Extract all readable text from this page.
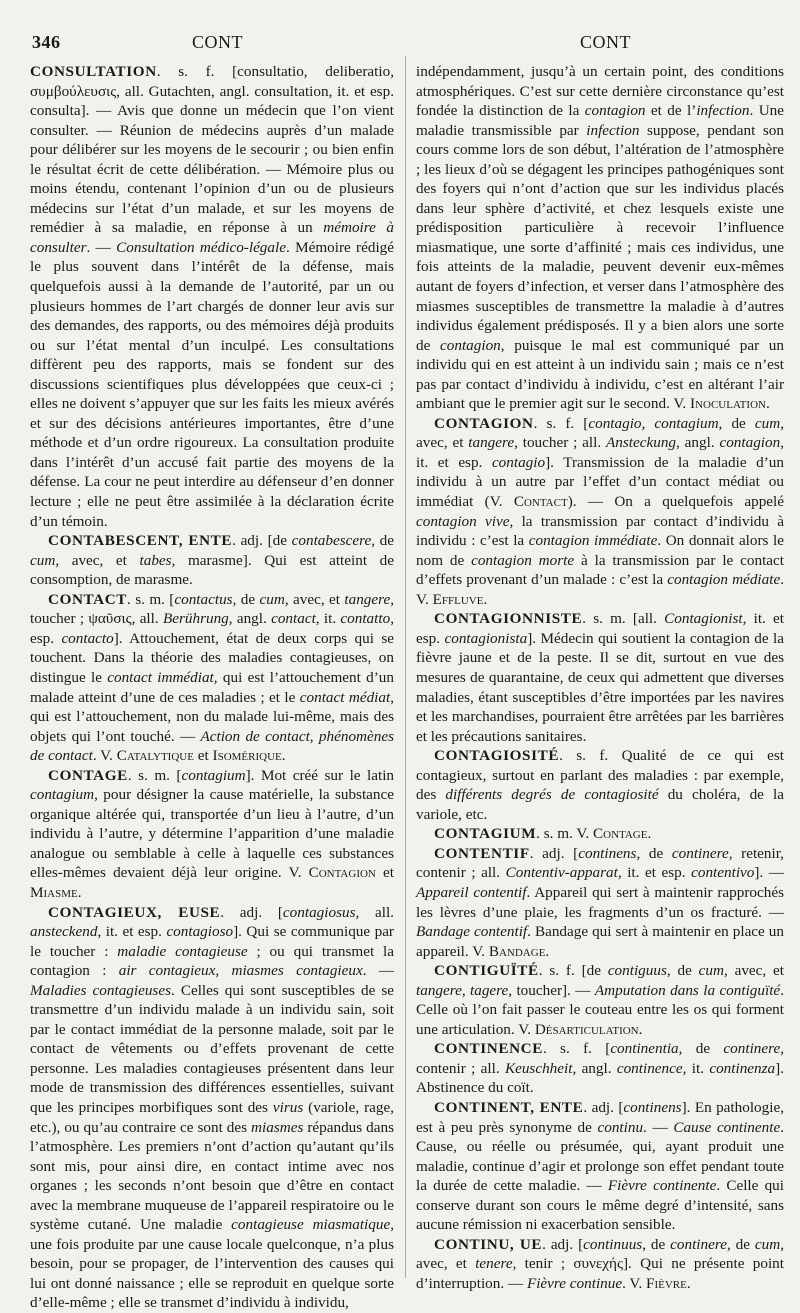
346	CONT	CONT

CONSULTATION. s. f. [consultatio, deliberatio, συμβούλευσις, all. Gutachten, angl. consultation, it. et esp. consulta]. — Avis que donne un médecin que l’on vient consulter. — Réunion de médecins auprès d’un malade pour délibérer sur les moyens de le secourir ; ou bien enfin le résultat écrit de cette délibération. — Mémoire plus ou moins étendu, contenant l’opinion d’un ou de plusieurs médecins sur l’état d’un malade, et sur les moyens de remédier à sa maladie, en réponse à un mémoire à consulter. — Consultation médico-légale. Mémoire rédigé le plus souvent dans l’intérêt de la défense, mais quelquefois aussi à la demande de l’autorité, par un ou plusieurs hommes de l’art chargés de donner leur avis sur des demandes, des rapports, ou des mémoires déjà produits ou sur l’état mental d’un inculpé. Les consultations diffèrent peu des rapports, mais se fondent sur des discussions scientifiques plus développées que ceux-ci ; elles ne doivent s’appuyer que sur les faits les mieux avérés et sur des décisions antérieures importantes, être d’une méthode et d’un ordre rigoureux. La consultation produite dans l’intérêt d’un accusé fait partie des moyens de la défense. La cour ne peut interdire au défenseur d’en donner lecture ; elle ne peut être assimilée à la déclaration écrite d’un témoin.

CONTABESCENT, ENTE. adj. [de contabescere, de cum, avec, et tabes, marasme]. Qui est atteint de consomption, de marasme.

CONTACT. s. m. [contactus, de cum, avec, et tangere, toucher ; ψαῦσις, all. Berührung, angl. contact, it. contatto, esp. contacto]. Attouchement, état de deux corps qui se touchent. Dans la théorie des maladies contagieuses, on distingue le contact immédiat, qui est l’attouchement d’un malade atteint d’une de ces maladies ; et le contact médiat, qui est l’attouchement, non du malade lui-même, mais des objets qui l’ont touché. — Action de contact, phénomènes de contact. V. Catalytique et Isomérique.

CONTAGE. s. m. [contagium]. Mot créé sur le latin contagium, pour désigner la cause matérielle, la substance organique altérée qui, transportée d’un lieu à l’autre, d’un individu à l’autre, y détermine l’apparition d’une maladie analogue ou semblable à celle à laquelle ces substances elles-mêmes devaient déjà leur origine. V. Contagion et Miasme.

CONTAGIEUX, EUSE. adj. [contagiosus, all. ansteckend, it. et esp. contagioso]. Qui se communique par le toucher : maladie contagieuse ; ou qui transmet la contagion : air contagieux, miasmes contagieux. — Maladies contagieuses. Celles qui sont susceptibles de se transmettre d’un individu malade à un individu sain, soit par le contact immédiat de la personne malade, soit par le contact de vêtements ou d’effets provenant de cette personne. Les maladies contagieuses présentent dans leur mode de transmission des différences essentielles, suivant que les principes morbifiques sont des virus (variole, rage, etc.), ou qu’au contraire ce sont des miasmes répandus dans l’atmosphère. Les premiers n’ont d’action qu’autant qu’ils sont mis, pour ainsi dire, en contact intime avec nos organes ; les seconds n’ont besoin que d’être en contact avec la membrane muqueuse de l’appareil respiratoire ou le système cutané. Une maladie contagieuse miasmatique, une fois produite par une cause locale quelconque, n’a plus besoin, pour se propager, de l’intervention des causes qui lui ont donné naissance ; elle se reproduit en quelque sorte d’elle-même ; elle se transmet d’individu à individu,

indépendamment, jusqu’à un certain point, des conditions atmosphériques. C’est sur cette dernière circonstance qu’est fondée la distinction de la contagion et de l’infection. Une maladie transmissible par infection suppose, pendant son cours comme lors de son début, l’altération de l’atmosphère ; les lieux d’où se dégagent les principes pathogéniques sont des foyers qui n’ont d’action que sur les individus placés dans leur sphère d’activité, et chez lesquels existe une prédisposition particulière à recevoir l’influence miasmatique, une sorte d’affinité ; mais ces individus, une fois atteints de la maladie, peuvent devenir eux-mêmes autant de foyers d’infection, et verser dans l’atmosphère des miasmes susceptibles de transmettre la maladie à d’autres individus également prédisposés. Il y a bien alors une sorte de contagion, puisque le mal est communiqué par un individu qui en est atteint à un individu sain ; mais ce n’est pas par contact d’individu à individu, c’est en altérant l’air ambiant que le premier agit sur le second. V. Inoculation.

CONTAGION. s. f. [contagio, contagium, de cum, avec, et tangere, toucher ; all. Ansteckung, angl. contagion, it. et esp. contagio]. Transmission de la maladie d’un individu à un autre par l’effet d’un contact médiat ou immédiat (V. Contact). — On a quelquefois appelé contagion vive, la transmission par contact d’individu à individu : c’est la contagion immédiate. On donnait alors le nom de contagion morte à la transmission par le contact d’effets provenant d’un malade : c’est la contagion médiate. V. Effluve.

CONTAGIONNISTE. s. m. [all. Contagionist, it. et esp. contagionista]. Médecin qui soutient la contagion de la fièvre jaune et de la peste. Il se dit, surtout en vue des mesures de quarantaine, de ceux qui admettent que diverses maladies, étant susceptibles d’être importées par les navires et les marchandises, pourraient être arrêtées par les barrières et les précautions sanitaires.

CONTAGIOSITÉ. s. f. Qualité de ce qui est contagieux, surtout en parlant des maladies : par exemple, des différents degrés de contagiosité du choléra, de la variole, etc.

CONTAGIUM. s. m. V. Contage.

CONTENTIF. adj. [continens, de continere, retenir, contenir ; all. Contentiv-apparat, it. et esp. contentivo]. — Appareil contentif. Appareil qui sert à maintenir rapprochés les lèvres d’une plaie, les fragments d’un os fracturé. — Bandage contentif. Bandage qui sert à maintenir en place un appareil. V. Bandage.

CONTIGUÏTÉ. s. f. [de contiguus, de cum, avec, et tangere, tagere, toucher]. — Amputation dans la contiguïté. Celle où l’on fait passer le couteau entre les os qui forment une articulation. V. Désarticulation.

CONTINENCE. s. f. [continentia, de continere, contenir ; all. Keuschheit, angl. continence, it. continenza]. Abstinence du coït.

CONTINENT, ENTE. adj. [continens]. En pathologie, est à peu près synonyme de continu. — Cause continente. Cause, ou réelle ou présumée, qui, ayant produit une maladie, continue d’agir et prolonge son effet pendant toute la durée de cette maladie. — Fièvre continente. Celle qui conserve durant son cours le même degré d’intensité, sans aucune rémission ni exacerbation sensible.

CONTINU, UE. adj. [continuus, de continere, de cum, avec, et tenere, tenir ; συνεχής]. Qui ne présente point d’interruption. — Fièvre continue. V. Fièvre.
